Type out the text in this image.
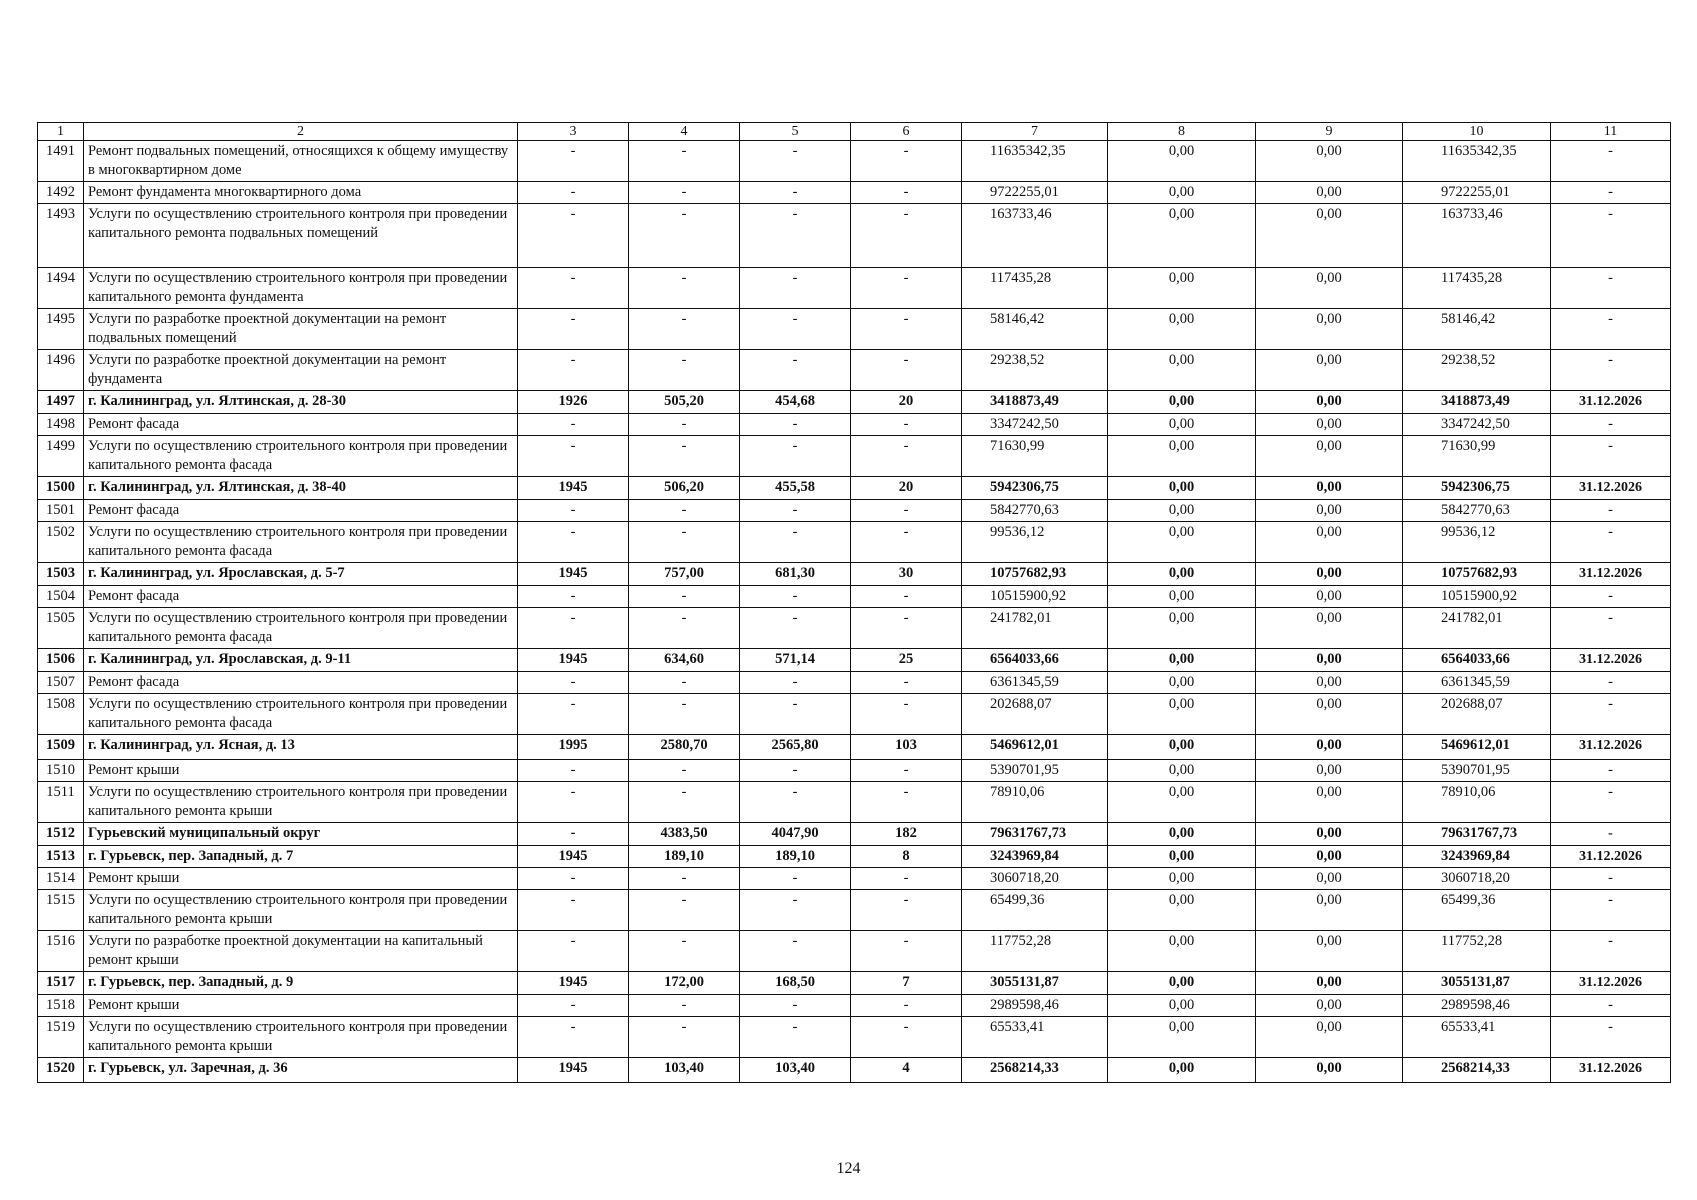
1	2	3	4	5	6	7	8	9	10	11
1491	Ремонт подвальных помещений, относящихся к общему имуществу в многоквартирном доме	-	-	-	-	11635342,35	0,00	0,00	11635342,35	-
1492	Ремонт фундамента многоквартирного дома	-	-	-	-	9722255,01	0,00	0,00	9722255,01	-
1493	Услуги по осуществлению строительного контроля при проведении капитального ремонта подвальных помещений	-	-	-	-	163733,46	0,00	0,00	163733,46	-
1494	Услуги по осуществлению строительного контроля при проведении капитального ремонта фундамента	-	-	-	-	117435,28	0,00	0,00	117435,28	-
1495	Услуги по разработке проектной документации на ремонт подвальных помещений	-	-	-	-	58146,42	0,00	0,00	58146,42	-
1496	Услуги по разработке проектной документации на ремонт фундамента	-	-	-	-	29238,52	0,00	0,00	29238,52	-
1497	г. Калининград, ул. Ялтинская, д. 28-30	1926	505,20	454,68	20	3418873,49	0,00	0,00	3418873,49	31.12.2026
1498	Ремонт фасада	-	-	-	-	3347242,50	0,00	0,00	3347242,50	-
1499	Услуги по осуществлению строительного контроля при проведении капитального ремонта фасада	-	-	-	-	71630,99	0,00	0,00	71630,99	-
1500	г. Калининград, ул. Ялтинская, д. 38-40	1945	506,20	455,58	20	5942306,75	0,00	0,00	5942306,75	31.12.2026
1501	Ремонт фасада	-	-	-	-	5842770,63	0,00	0,00	5842770,63	-
1502	Услуги по осуществлению строительного контроля при проведении капитального ремонта фасада	-	-	-	-	99536,12	0,00	0,00	99536,12	-
1503	г. Калининград, ул. Ярославская, д. 5-7	1945	757,00	681,30	30	10757682,93	0,00	0,00	10757682,93	31.12.2026
1504	Ремонт фасада	-	-	-	-	10515900,92	0,00	0,00	10515900,92	-
1505	Услуги по осуществлению строительного контроля при проведении капитального ремонта фасада	-	-	-	-	241782,01	0,00	0,00	241782,01	-
1506	г. Калининград, ул. Ярославская, д. 9-11	1945	634,60	571,14	25	6564033,66	0,00	0,00	6564033,66	31.12.2026
1507	Ремонт фасада	-	-	-	-	6361345,59	0,00	0,00	6361345,59	-
1508	Услуги по осуществлению строительного контроля при проведении капитального ремонта фасада	-	-	-	-	202688,07	0,00	0,00	202688,07	-
1509	г. Калининград, ул. Ясная, д. 13	1995	2580,70	2565,80	103	5469612,01	0,00	0,00	5469612,01	31.12.2026
1510	Ремонт крыши	-	-	-	-	5390701,95	0,00	0,00	5390701,95	-
1511	Услуги по осуществлению строительного контроля при проведении капитального ремонта крыши	-	-	-	-	78910,06	0,00	0,00	78910,06	-
1512	Гурьевский муниципальный округ	-	4383,50	4047,90	182	79631767,73	0,00	0,00	79631767,73	-
1513	г. Гурьевск, пер. Западный, д. 7	1945	189,10	189,10	8	3243969,84	0,00	0,00	3243969,84	31.12.2026
1514	Ремонт крыши	-	-	-	-	3060718,20	0,00	0,00	3060718,20	-
1515	Услуги по осуществлению строительного контроля при проведении капитального ремонта крыши	-	-	-	-	65499,36	0,00	0,00	65499,36	-
1516	Услуги по разработке проектной документации на капитальный ремонт крыши	-	-	-	-	117752,28	0,00	0,00	117752,28	-
1517	г. Гурьевск, пер. Западный, д. 9	1945	172,00	168,50	7	3055131,87	0,00	0,00	3055131,87	31.12.2026
1518	Ремонт крыши	-	-	-	-	2989598,46	0,00	0,00	2989598,46	-
1519	Услуги по осуществлению строительного контроля при проведении капитального ремонта крыши	-	-	-	-	65533,41	0,00	0,00	65533,41	-
1520	г. Гурьевск, ул. Заречная, д. 36	1945	103,40	103,40	4	2568214,33	0,00	0,00	2568214,33	31.12.2026
124
